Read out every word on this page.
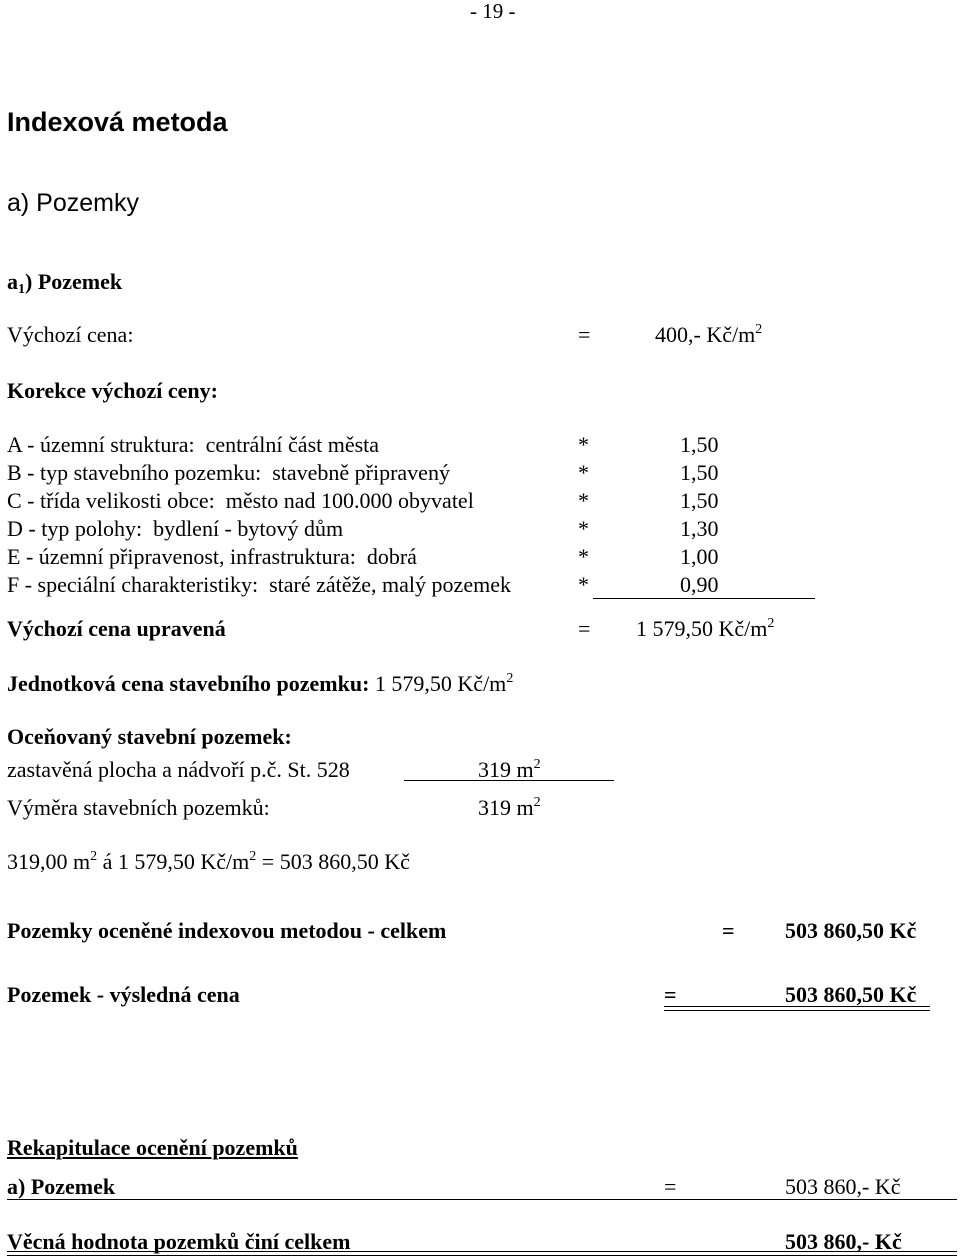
- 19 -
Indexová metoda
a) Pozemky
$a_1$) Pozemek
Výchozí cena:	=	400,- $Kč/m^2$
Korekce výchozí ceny:
A - územní struktura: centrální část města	*	1,50
B - typ stavebního pozemku: stavebně připravený	*	1,50
C - třída velikosti obce: město nad 100.000 obyvatel	*	1,50
D - typ polohy: bydlení - bytový dům	*	1,30
E - územní připravenost, infrastruktura: dobrá	*	1,00
F - speciální charakteristiky: staré zátěže, malý pozemek	*	0,90
Výchozí cena upravená	= 1 579,50 $Kč/m^2$
Jednotková cena stavebního pozemku: 1 579,50 $Kč/m^2$
Oceňovaný stavební pozemek:
zastavěná plocha a nádvoří p.č. St. 528	319 $m^2$
Výměra stavebních pozemků:	319 $m^2$
319,00 $m^2$ á 1 579,50 $Kč/m^2 = 503$ 860,50 Kč
Pozemky oceněné indexovou metodou - celkem	= 503 860,50 Kč
Pozemek - výsledná cena	=	503 860,50 Kč
Rekapitulace ocenění pozemků
a) Pozemek	=	503 860,- Kč
Věcná hodnota pozemků činí celkem	503 860,- Kč
